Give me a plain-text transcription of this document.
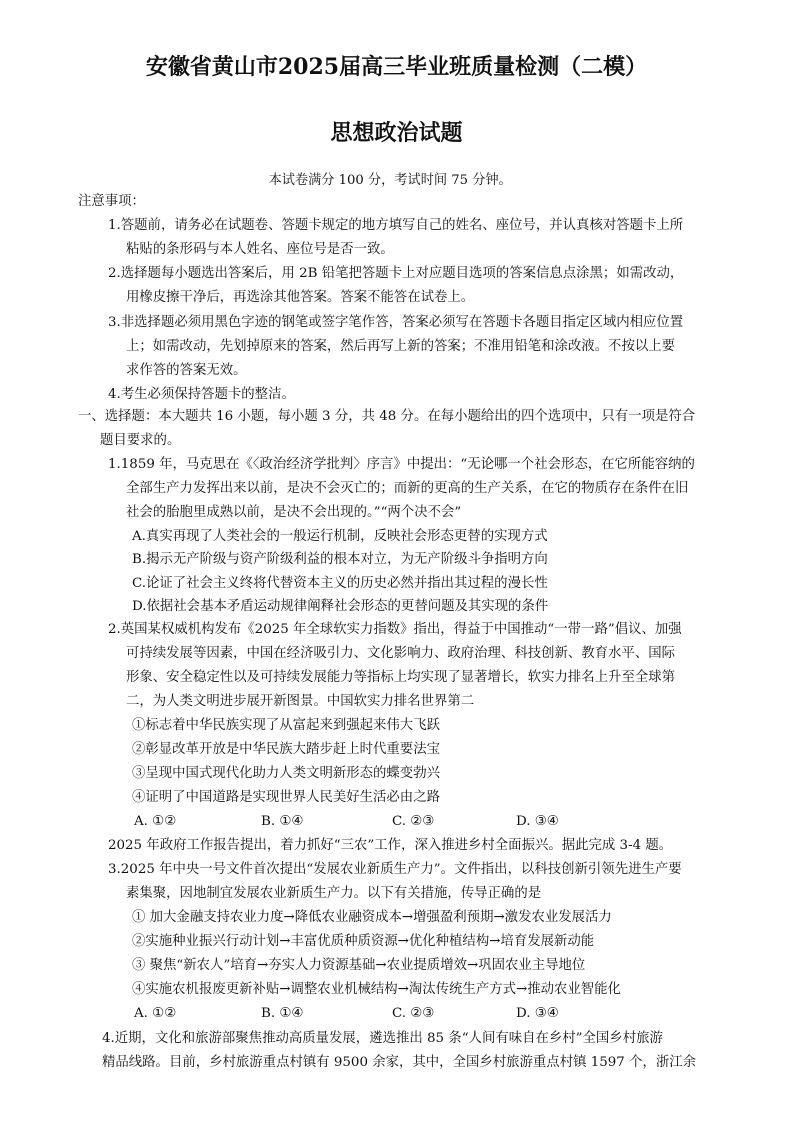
安徽省黄山市2025届高三毕业班质量检测（二模）
思想政治试题
本试卷满分 100 分，考试时间 75 分钟。
注意事项：
1.答题前，请务必在试题卷、答题卡规定的地方填写自己的姓名、座位号，并认真核对答题卡上所
粘贴的条形码与本人姓名、座位号是否一致。
2.选择题每小题选出答案后，用 2B 铅笔把答题卡上对应题目选项的答案信息点涂黑；如需改动，
用橡皮擦干净后，再选涂其他答案。答案不能答在试卷上。
3.非选择题必须用黑色字迹的钢笔或签字笔作答，答案必须写在答题卡各题目指定区域内相应位置
上；如需改动，先划掉原来的答案，然后再写上新的答案；不准用铅笔和涂改液。不按以上要
求作答的答案无效。
4.考生必须保持答题卡的整洁。
一、选择题：本大题共 16 小题，每小题 3 分，共 48 分。在每小题给出的四个选项中，只有一项是符合
题目要求的。
1.1859 年，马克思在《〈政治经济学批判〉序言》中提出：“无论哪一个社会形态，在它所能容纳的
全部生产力发挥出来以前，是决不会灭亡的；而新的更高的生产关系，在它的物质存在条件在旧
社会的胎胞里成熟以前，是决不会出现的。”“两个决不会”
A.真实再现了人类社会的一般运行机制，反映社会形态更替的实现方式
B.揭示无产阶级与资产阶级利益的根本对立，为无产阶级斗争指明方向
C.论证了社会主义终将代替资本主义的历史必然并指出其过程的漫长性
D.依据社会基本矛盾运动规律阐释社会形态的更替问题及其实现的条件
2.英国某权威机构发布《2025 年全球软实力指数》指出，得益于中国推动“一带一路”倡议、加强
可持续发展等因素，中国在经济吸引力、文化影响力、政府治理、科技创新、教育水平、国际
形象、安全稳定性以及可持续发展能力等指标上均实现了显著增长，软实力排名上升至全球第
二，为人类文明进步展开新图景。中国软实力排名世界第二
①标志着中华民族实现了从富起来到强起来伟大飞跃
②彰显改革开放是中华民族大踏步赶上时代重要法宝
③呈现中国式现代化助力人类文明新形态的蝶变勃兴
④证明了中国道路是实现世界人民美好生活必由之路
A. ①②	B. ①④	C. ②③	D. ③④
2025 年政府工作报告提出，着力抓好“三农”工作，深入推进乡村全面振兴。据此完成 3-4 题。
3.2025 年中央一号文件首次提出“发展农业新质生产力”。文件指出，以科技创新引领先进生产要
素集聚，因地制宜发展农业新质生产力。以下有关措施，传导正确的是
① 加大金融支持农业力度→降低农业融资成本→增强盈利预期→激发农业发展活力
②实施种业振兴行动计划→丰富优质种质资源→优化种植结构→培育发展新动能
③ 聚焦“新农人”培育→夯实人力资源基础→农业提质增效→巩固农业主导地位
④实施农机报废更新补贴→调整农业机械结构→淘汰传统生产方式→推动农业智能化
A. ①②	B. ①④	C. ②③	D. ③④
4.近期，文化和旅游部聚焦推动高质量发展，遴选推出 85 条“人间有味自在乡村”全国乡村旅游
精品线路。目前，乡村旅游重点村镇有 9500 余家，其中，全国乡村旅游重点村镇 1597 个，浙江余
